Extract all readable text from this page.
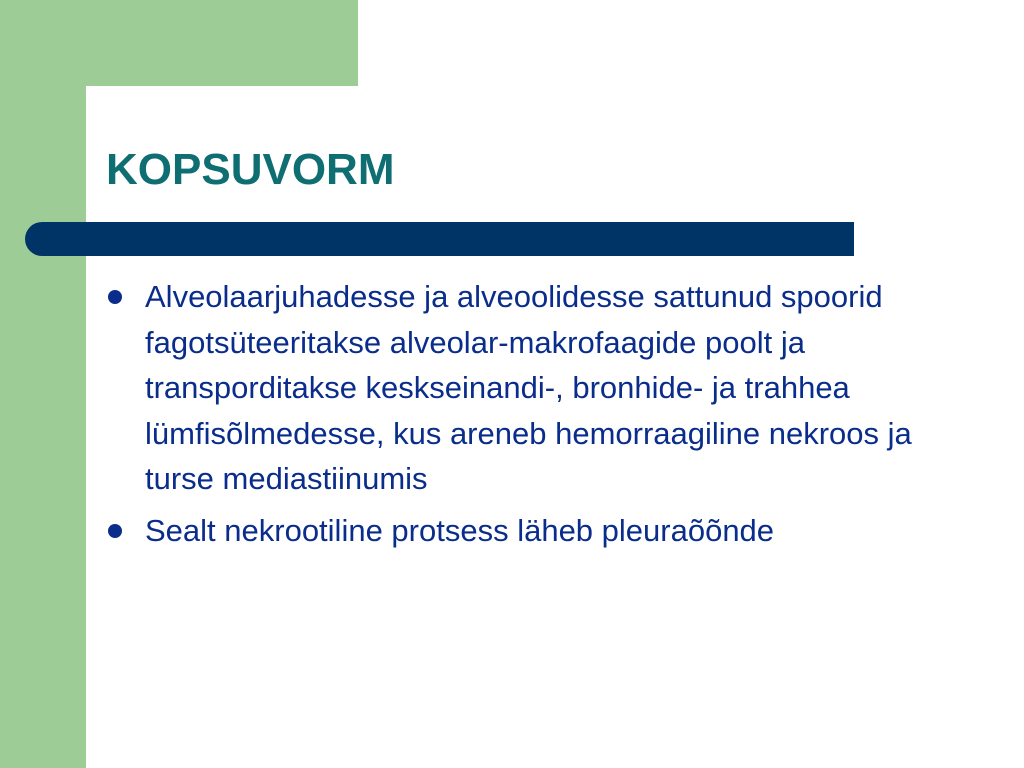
KOPSUVORM
Alveolaarjuhadesse ja alveoolidesse sattunud spoorid fagotsüteeritakse alveolar-makrofaagide poolt ja transporditakse keskseinandi-, bronhide- ja trahhea lümfisõlmedesse, kus areneb hemorraagiline nekroos ja turse mediastiinumis
Sealt nekrootiline protsess läheb pleuraõõnde
